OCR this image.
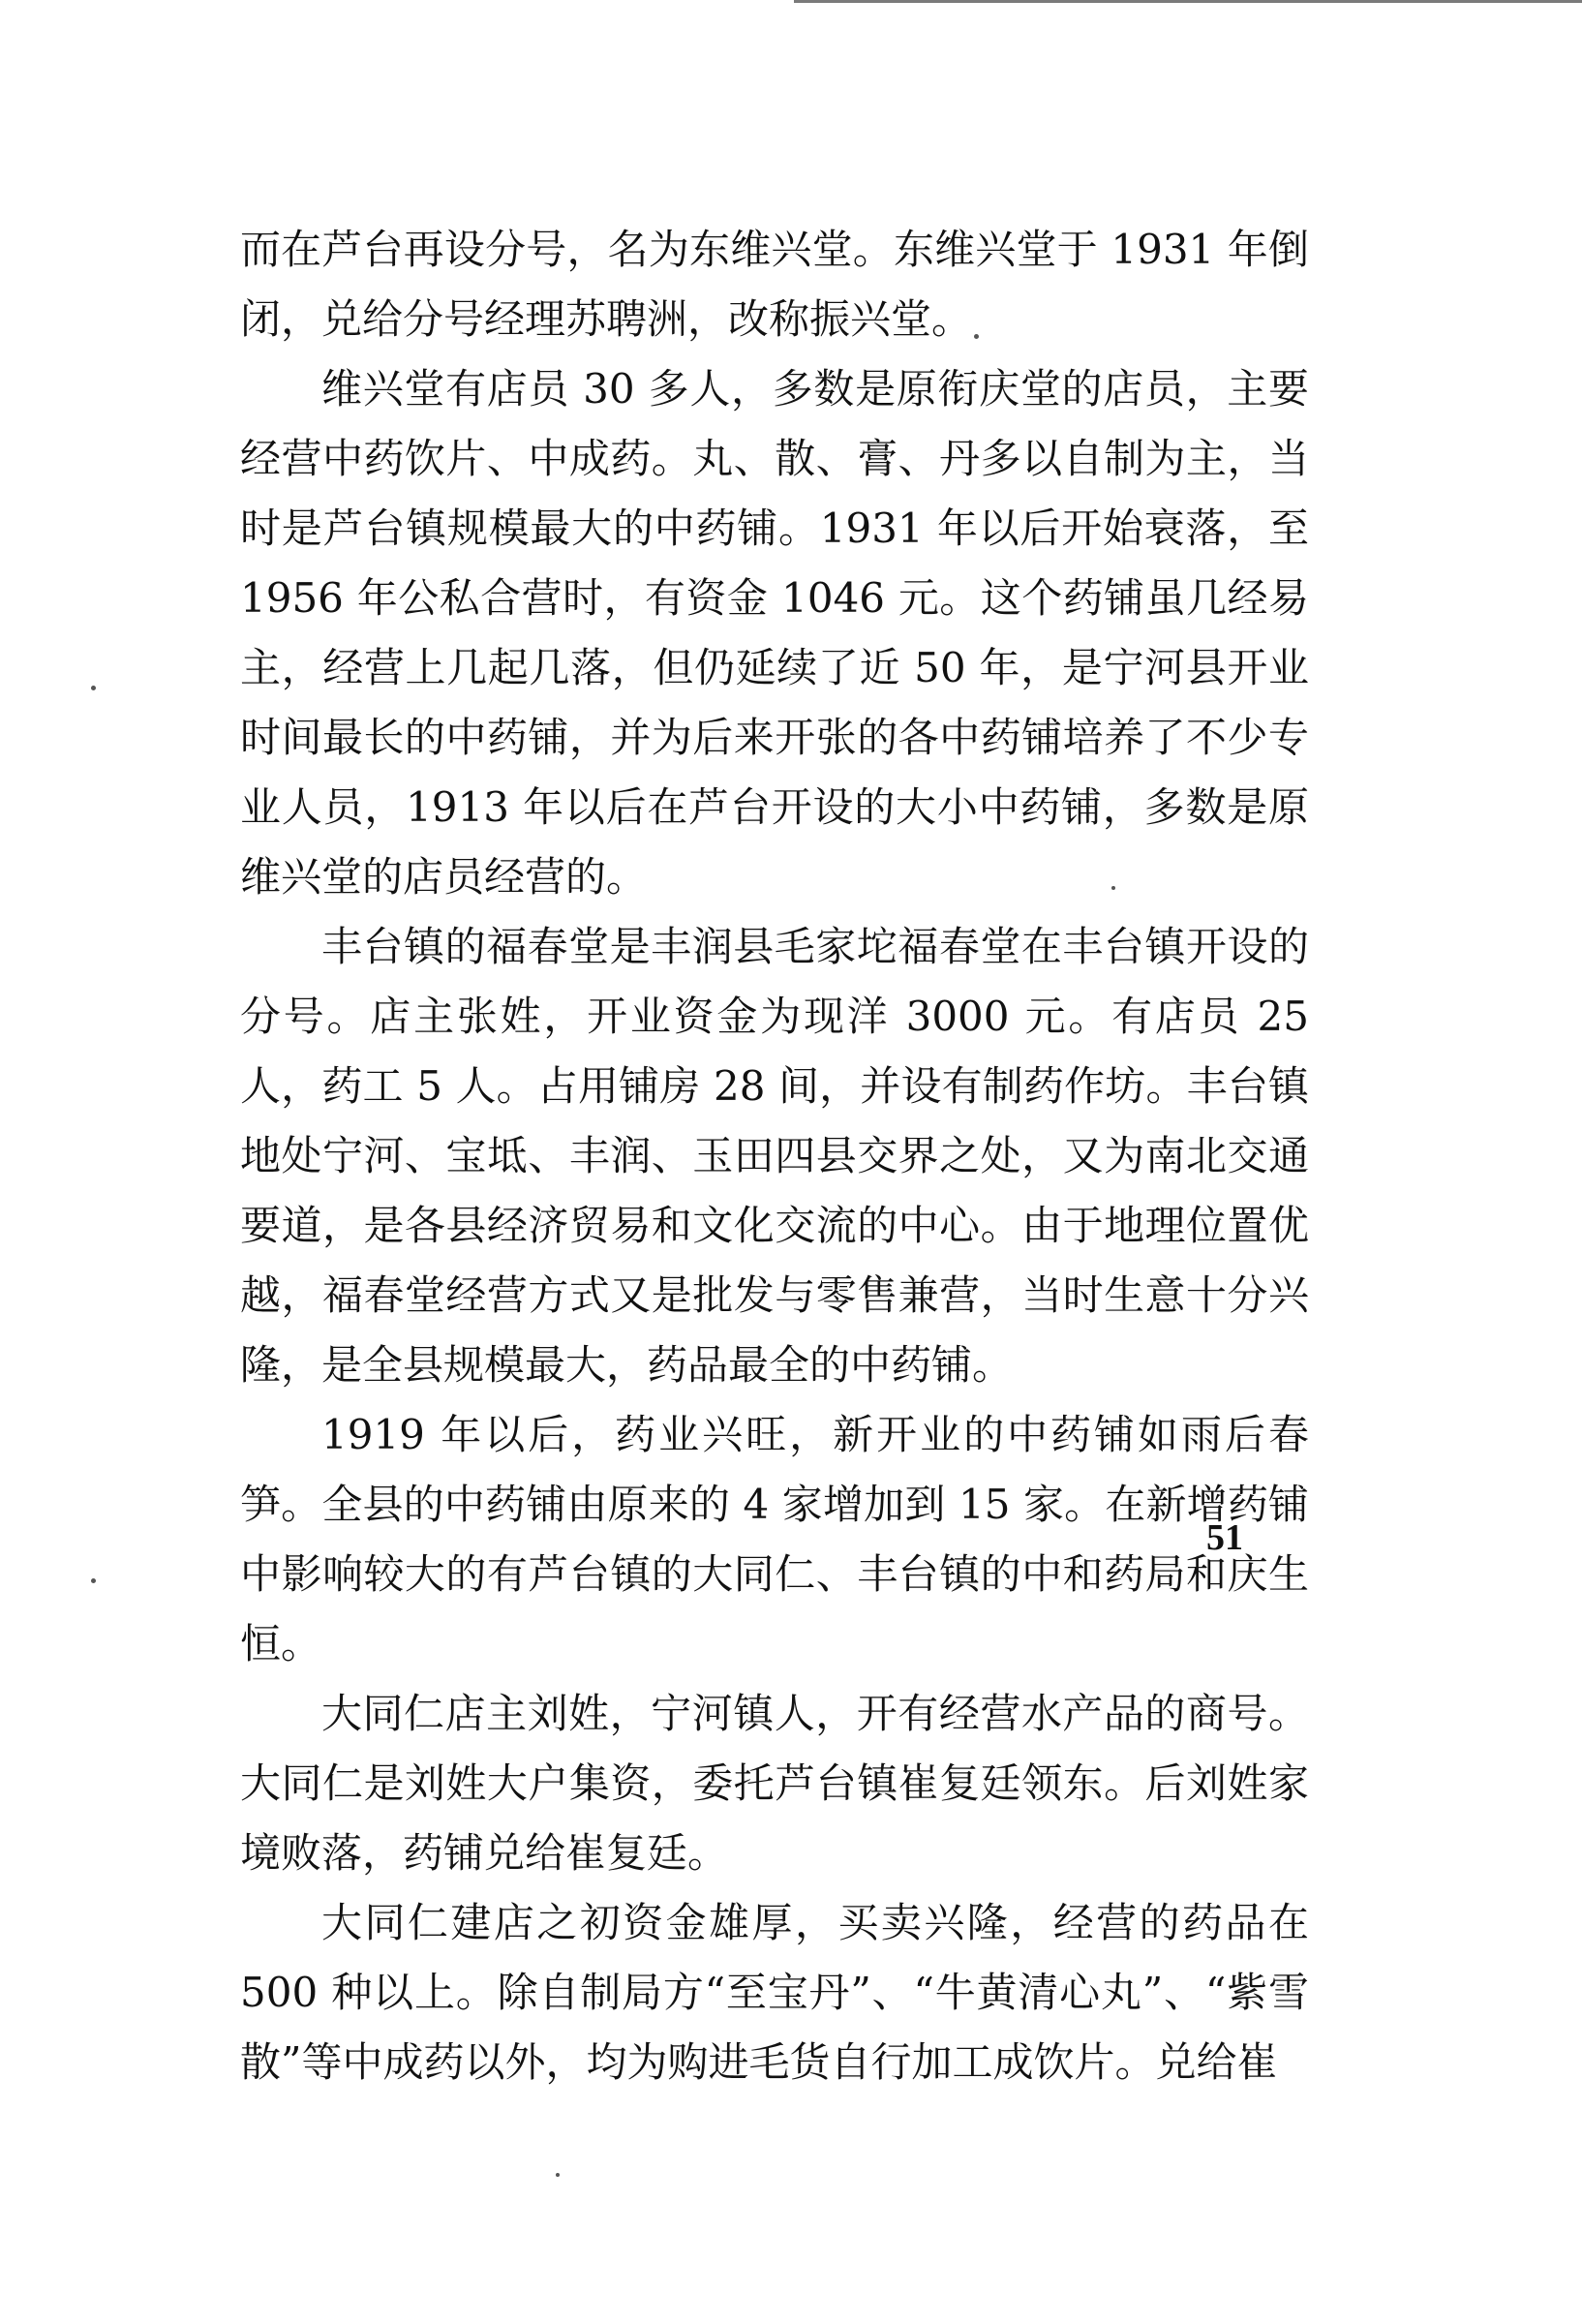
而在芦台再设分号，名为东维兴堂。东维兴堂于 1931 年倒闭，兑给分号经理苏聘洲，改称振兴堂。

维兴堂有店员 30 多人，多数是原衔庆堂的店员，主要经营中药饮片、中成药。丸、散、膏、丹多以自制为主，当时是芦台镇规模最大的中药铺。1931 年以后开始衰落，至 1956 年公私合营时，有资金 1046 元。这个药铺虽几经易主，经营上几起几落，但仍延续了近 50 年，是宁河县开业时间最长的中药铺，并为后来开张的各中药铺培养了不少专业人员，1913 年以后在芦台开设的大小中药铺，多数是原维兴堂的店员经营的。

丰台镇的福春堂是丰润县毛家坨福春堂在丰台镇开设的分号。店主张姓，开业资金为现洋 3000 元。有店员 25 人，药工 5 人。占用铺房 28 间，并设有制药作坊。丰台镇地处宁河、宝坻、丰润、玉田四县交界之处，又为南北交通要道，是各县经济贸易和文化交流的中心。由于地理位置优越，福春堂经营方式又是批发与零售兼营，当时生意十分兴隆，是全县规模最大，药品最全的中药铺。

1919 年以后，药业兴旺，新开业的中药铺如雨后春笋。全县的中药铺由原来的 4 家增加到 15 家。在新增药铺中影响较大的有芦台镇的大同仁、丰台镇的中和药局和庆生恒。

大同仁店主刘姓，宁河镇人，开有经营水产品的商号。大同仁是刘姓大户集资，委托芦台镇崔复廷领东。后刘姓家境败落，药铺兑给崔复廷。

大同仁建店之初资金雄厚，买卖兴隆，经营的药品在 500 种以上。除自制局方“至宝丹”、“牛黄清心丸”、“紫雪散”等中成药以外，均为购进毛货自行加工成饮片。兑给崔

51
